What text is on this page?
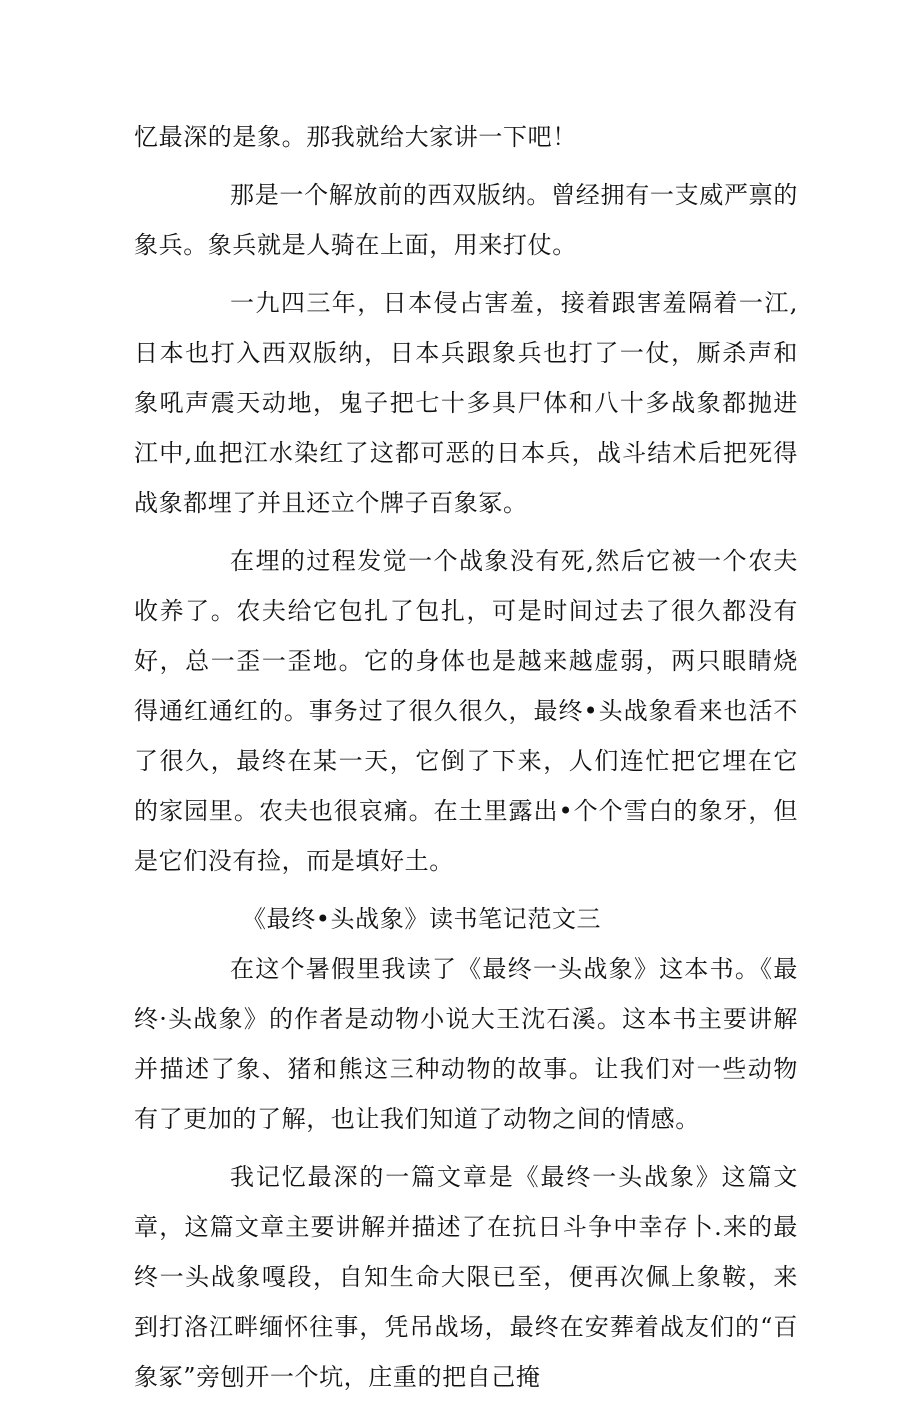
忆最深的是象。那我就给大家讲一下吧！

那是一个解放前的西双版纳。曾经拥有一支威严禀的象兵。象兵就是人骑在上面，用来打仗。

一九四三年，日本侵占害羞，接着跟害羞隔着一江,日本也打入西双版纳，日本兵跟象兵也打了一仗，厮杀声和象吼声震天动地，鬼子把七十多具尸体和八十多战象都抛进江中,血把江水染红了这都可恶的日本兵，战斗结术后把死得战象都埋了并且还立个牌子百象冢。

在埋的过程发觉一个战象没有死,然后它被一个农夫收养了。农夫给它包扎了包扎，可是时间过去了很久都没有好，总一歪一歪地。它的身体也是越来越虚弱，两只眼睛烧得通红通红的。事务过了很久很久，最终•头战象看来也活不了很久，最终在某一天，它倒了下来，人们连忙把它埋在它的家园里。农夫也很哀痛。在土里露出•个个雪白的象牙，但是它们没有捡，而是填好土。

《最终•头战象》读书笔记范文三

在这个暑假里我读了《最终一头战象》这本书。《最终·头战象》的作者是动物小说大王沈石溪。这本书主要讲解并描述了象、猪和熊这三种动物的故事。让我们对一些动物有了更加的了解，也让我们知道了动物之间的情感。

我记忆最深的一篇文章是《最终一头战象》这篇文章，这篇文章主要讲解并描述了在抗日斗争中幸存卜.来的最终一头战象嘎段，自知生命大限已至，便再次佩上象鞍，来到打洛江畔缅怀往事，凭吊战场，最终在安葬着战友们的“百象冢”旁刨开一个坑，庄重的把自己掩
